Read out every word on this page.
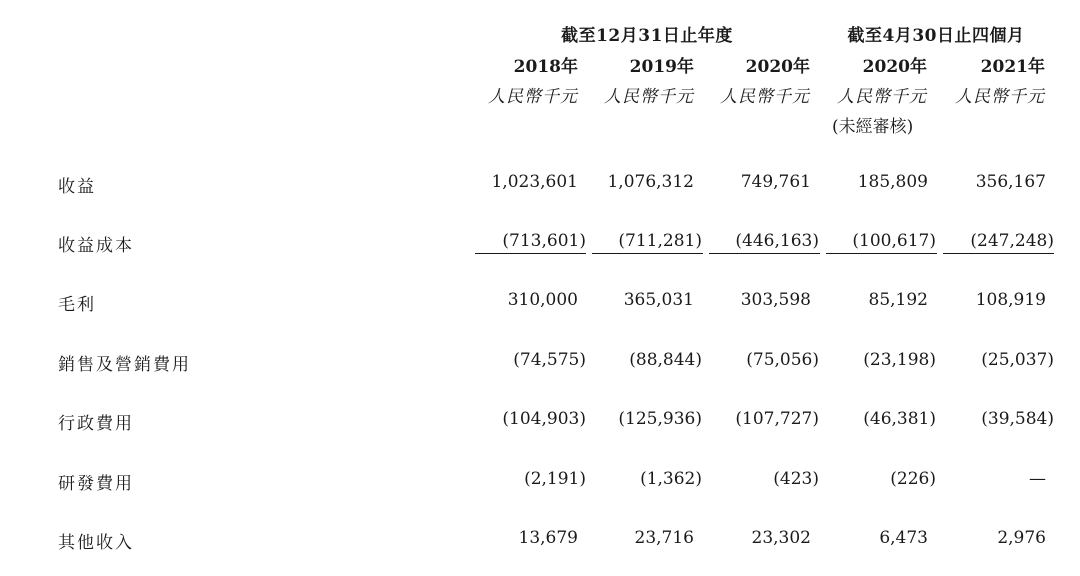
截至12月31日止年度	截至4月30日止四個月
2018年	2019年	2020年	2020年	2021年
人民幣千元	人民幣千元	人民幣千元	人民幣千元	人民幣千元
(未經審核)
收益	1,023,601	1,076,312	749,761	185,809	356,167
收益成本	(713,601)	(711,281)	(446,163)	(100,617)	(247,248)
毛利	310,000	365,031	303,598	85,192	108,919
銷售及營銷費用	(74,575)	(88,844)	(75,056)	(23,198)	(25,037)
行政費用	(104,903)	(125,936)	(107,727)	(46,381)	(39,584)
研發費用	(2,191)	(1,362)	(423)	(226)	—
其他收入	13,679	23,716	23,302	6,473	2,976
